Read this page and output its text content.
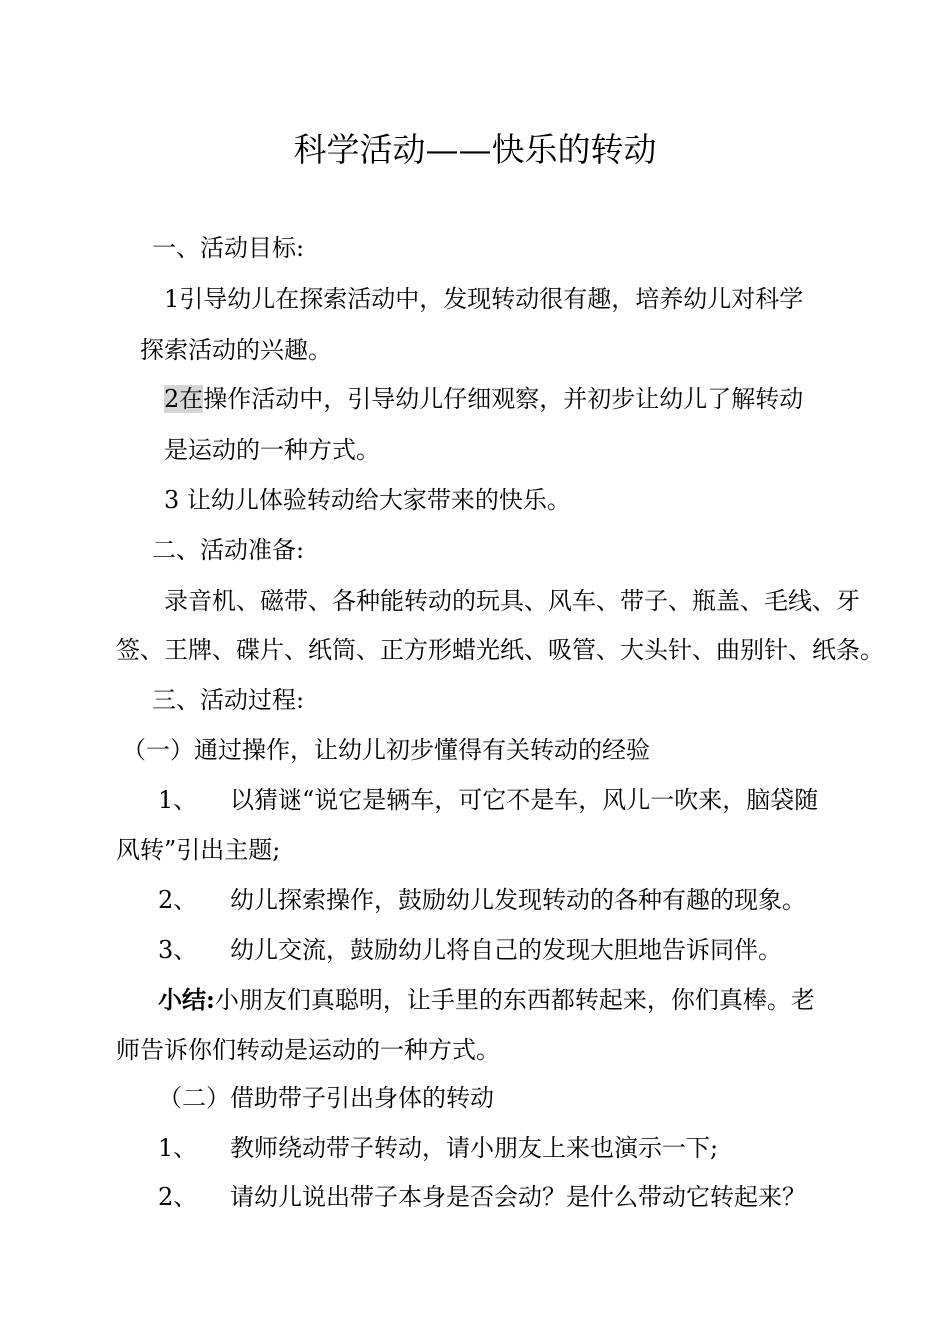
科学活动——快乐的转动
一、活动目标:
1引导幼儿在探索活动中，发现转动很有趣，培养幼儿对科学
探索活动的兴趣。
2在操作活动中，引导幼儿仔细观察，并初步让幼儿了解转动
是运动的一种方式。
3 让幼儿体验转动给大家带来的快乐。
二、活动准备:
录音机、磁带、各种能转动的玩具、风车、带子、瓶盖、毛线、牙
签、王牌、碟片、纸筒、正方形蜡光纸、吸管、大头针、曲别针、纸条。
三、活动过程:
（一）通过操作，让幼儿初步懂得有关转动的经验
1、 以猜谜“说它是辆车，可它不是车，风儿一吹来，脑袋随
风转”引出主题;
2、 幼儿探索操作，鼓励幼儿发现转动的各种有趣的现象。
3、 幼儿交流，鼓励幼儿将自己的发现大胆地告诉同伴。
小结:小朋友们真聪明，让手里的东西都转起来，你们真棒。老
师告诉你们转动是运动的一种方式。
（二）借助带子引出身体的转动
1、 教师绕动带子转动，请小朋友上来也演示一下;
2、 请幼儿说出带子本身是否会动？是什么带动它转起来？
